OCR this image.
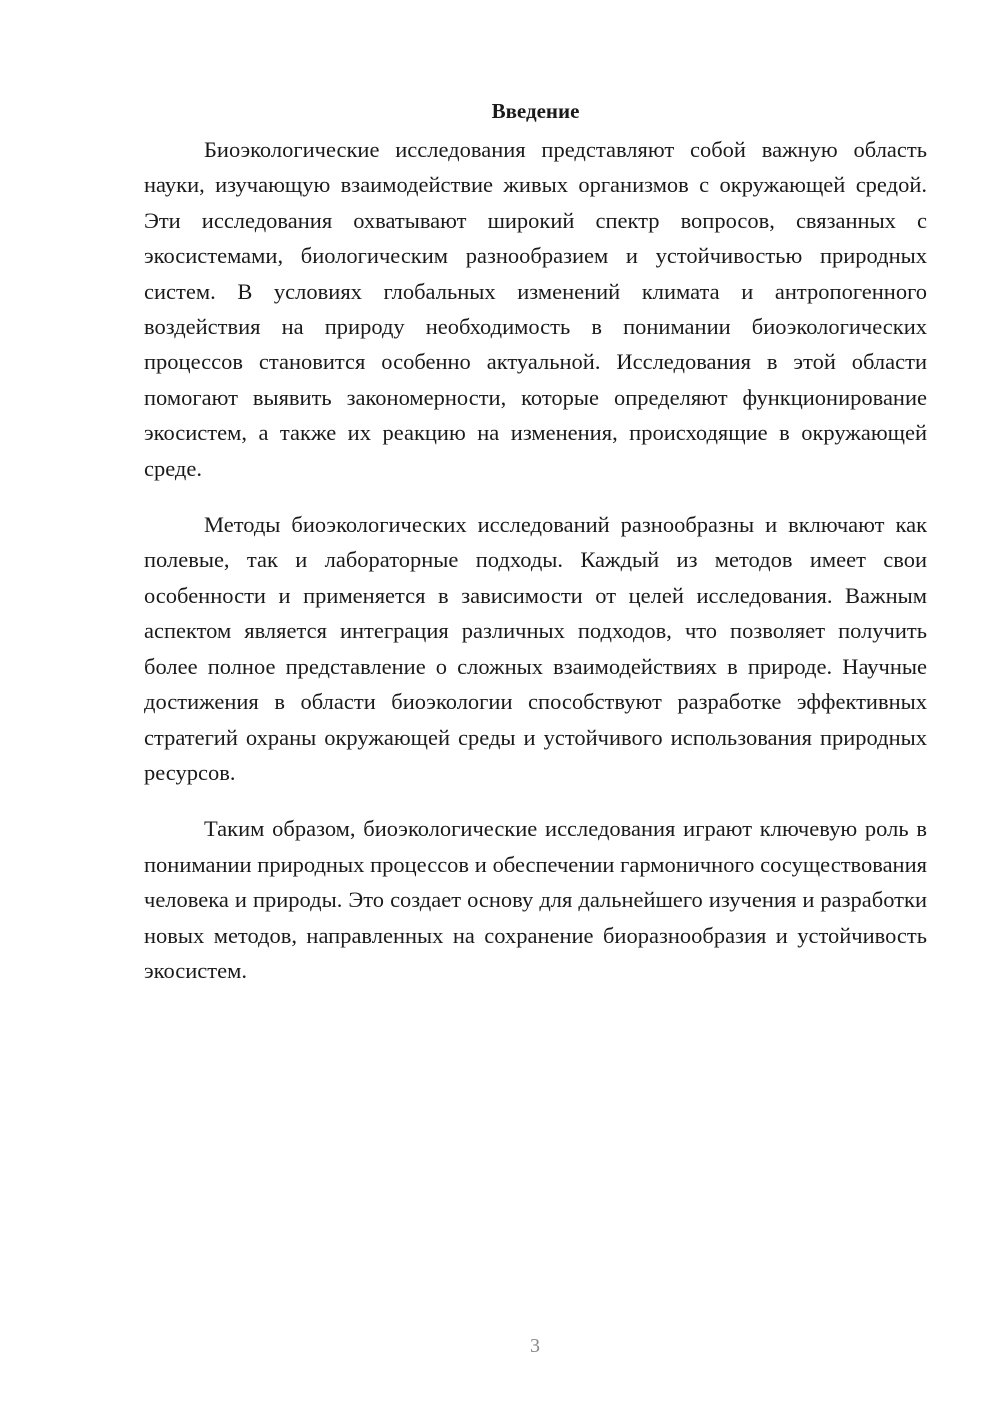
Введение

Биоэкологические исследования представляют собой важную область науки, изучающую взаимодействие живых организмов с окружающей средой. Эти исследования охватывают широкий спектр вопросов, связанных с экосистемами, биологическим разнообразием и устойчивостью природных систем. В условиях глобальных изменений климата и антропогенного воздействия на природу необходимость в понимании биоэкологических процессов становится особенно актуальной. Исследования в этой области помогают выявить закономерности, которые определяют функционирование экосистем, а также их реакцию на изменения, происходящие в окружающей среде.

Методы биоэкологических исследований разнообразны и включают как полевые, так и лабораторные подходы. Каждый из методов имеет свои особенности и применяется в зависимости от целей исследования. Важным аспектом является интеграция различных подходов, что позволяет получить более полное представление о сложных взаимодействиях в природе. Научные достижения в области биоэкологии способствуют разработке эффективных стратегий охраны окружающей среды и устойчивого использования природных ресурсов.

Таким образом, биоэкологические исследования играют ключевую роль в понимании природных процессов и обеспечении гармоничного сосуществования человека и природы. Это создает основу для дальнейшего изучения и разработки новых методов, направленных на сохранение биоразнообразия и устойчивость экосистем.

3
